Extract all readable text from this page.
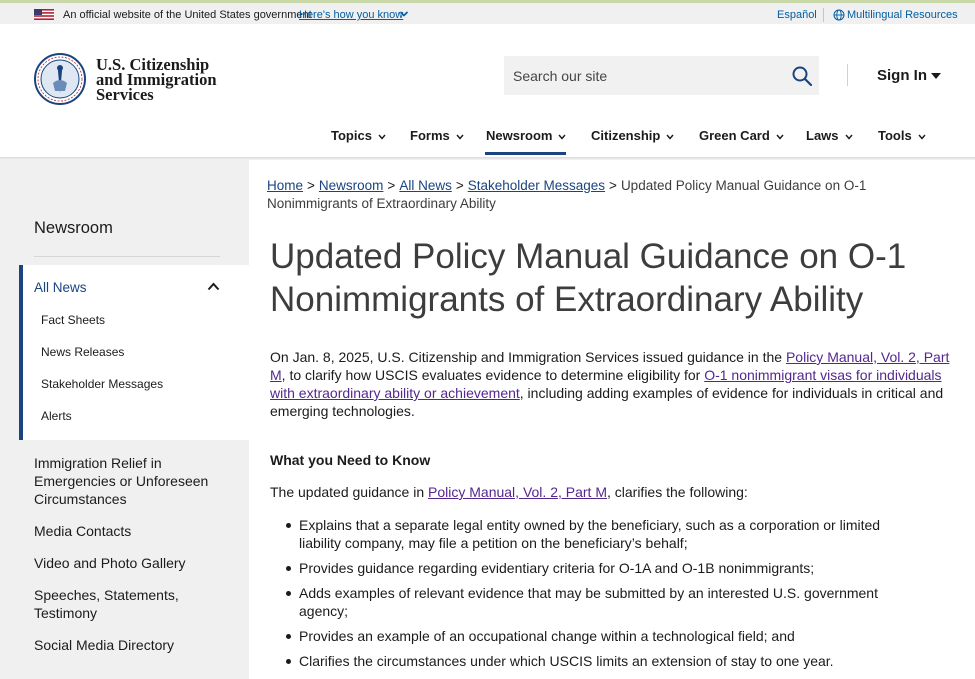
An official website of the United States government
Here's how you know	Español	Multilingual Resources
U.S. Citizenship
and Immigration
Services
Search our site
Sign In
Topics	Forms	Newsroom	Citizenship	Green Card	Laws	Tools
Newsroom
All News
Fact Sheets
News Releases
Stakeholder Messages
Alerts
Immigration Relief in Emergencies or Unforeseen Circumstances
Media Contacts
Video and Photo Gallery
Speeches, Statements, Testimony
Social Media Directory
Home > Newsroom > All News > Stakeholder Messages > Updated Policy Manual Guidance on O-1 Nonimmigrants of Extraordinary Ability
Updated Policy Manual Guidance on O-1 Nonimmigrants of Extraordinary Ability

On Jan. 8, 2025, U.S. Citizenship and Immigration Services issued guidance in the Policy Manual, Vol. 2, Part M, to clarify how USCIS evaluates evidence to determine eligibility for O-1 nonimmigrant visas for individuals with extraordinary ability or achievement, including adding examples of evidence for individuals in critical and emerging technologies.

What you Need to Know

The updated guidance in Policy Manual, Vol. 2, Part M, clarifies the following:

Explains that a separate legal entity owned by the beneficiary, such as a corporation or limited liability company, may file a petition on the beneficiary’s behalf;
Provides guidance regarding evidentiary criteria for O-1A and O-1B nonimmigrants;
Adds examples of relevant evidence that may be submitted by an interested U.S. government agency;
Provides an example of an occupational change within a technological field; and
Clarifies the circumstances under which USCIS limits an extension of stay to one year.
